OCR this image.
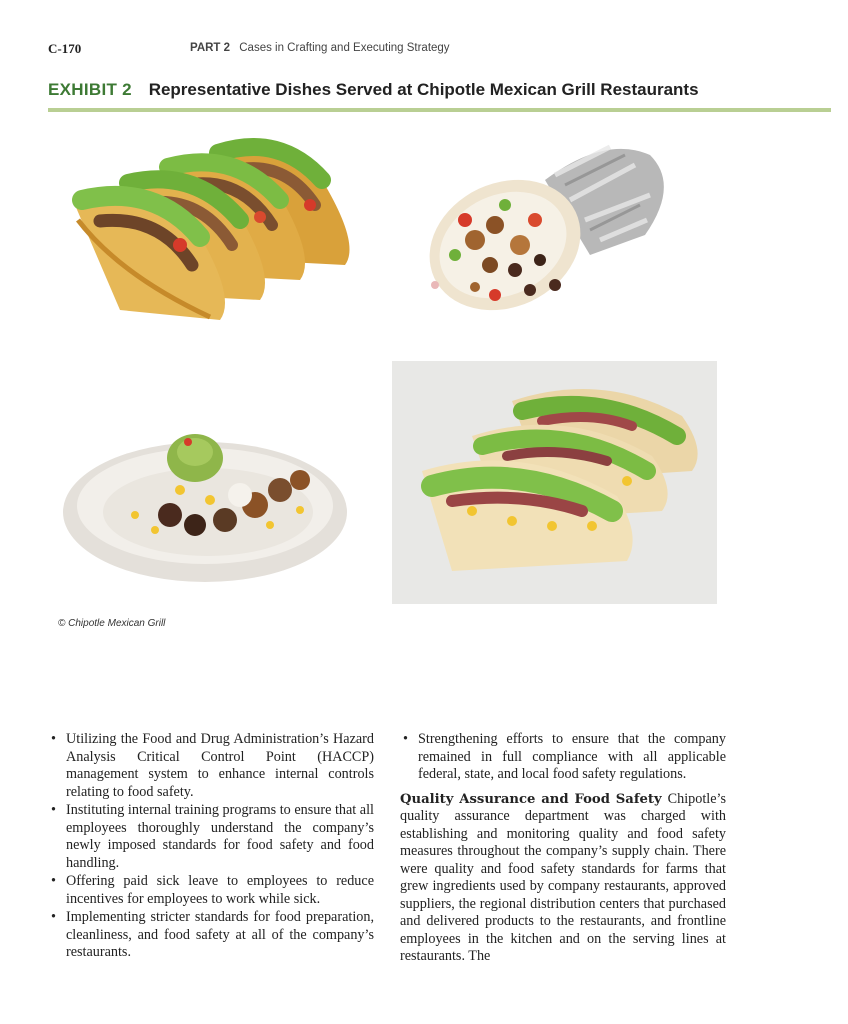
C-170	PART 2 Cases in Crafting and Executing Strategy
EXHIBIT 2 Representative Dishes Served at Chipotle Mexican Grill Restaurants
© Chipotle Mexican Grill
• Utilizing the Food and Drug Administration’s Hazard Analysis Critical Control Point (HACCP) management system to enhance internal controls relating to food safety.
• Instituting internal training programs to ensure that all employees thoroughly understand the company’s newly imposed standards for food safety and food handling.
• Offering paid sick leave to employees to reduce incentives for employees to work while sick.
• Implementing stricter standards for food preparation, cleanliness, and food safety at all of the company’s restaurants.
• Strengthening efforts to ensure that the company remained in full compliance with all applicable federal, state, and local food safety regulations.
Quality Assurance and Food Safety Chipotle’s quality assurance department was charged with establishing and monitoring quality and food safety measures throughout the company’s supply chain. There were quality and food safety standards for farms that grew ingredients used by company restaurants, approved suppliers, the regional distribution centers that purchased and delivered products to the restaurants, and frontline employees in the kitchen and on the serving lines at restaurants. The
